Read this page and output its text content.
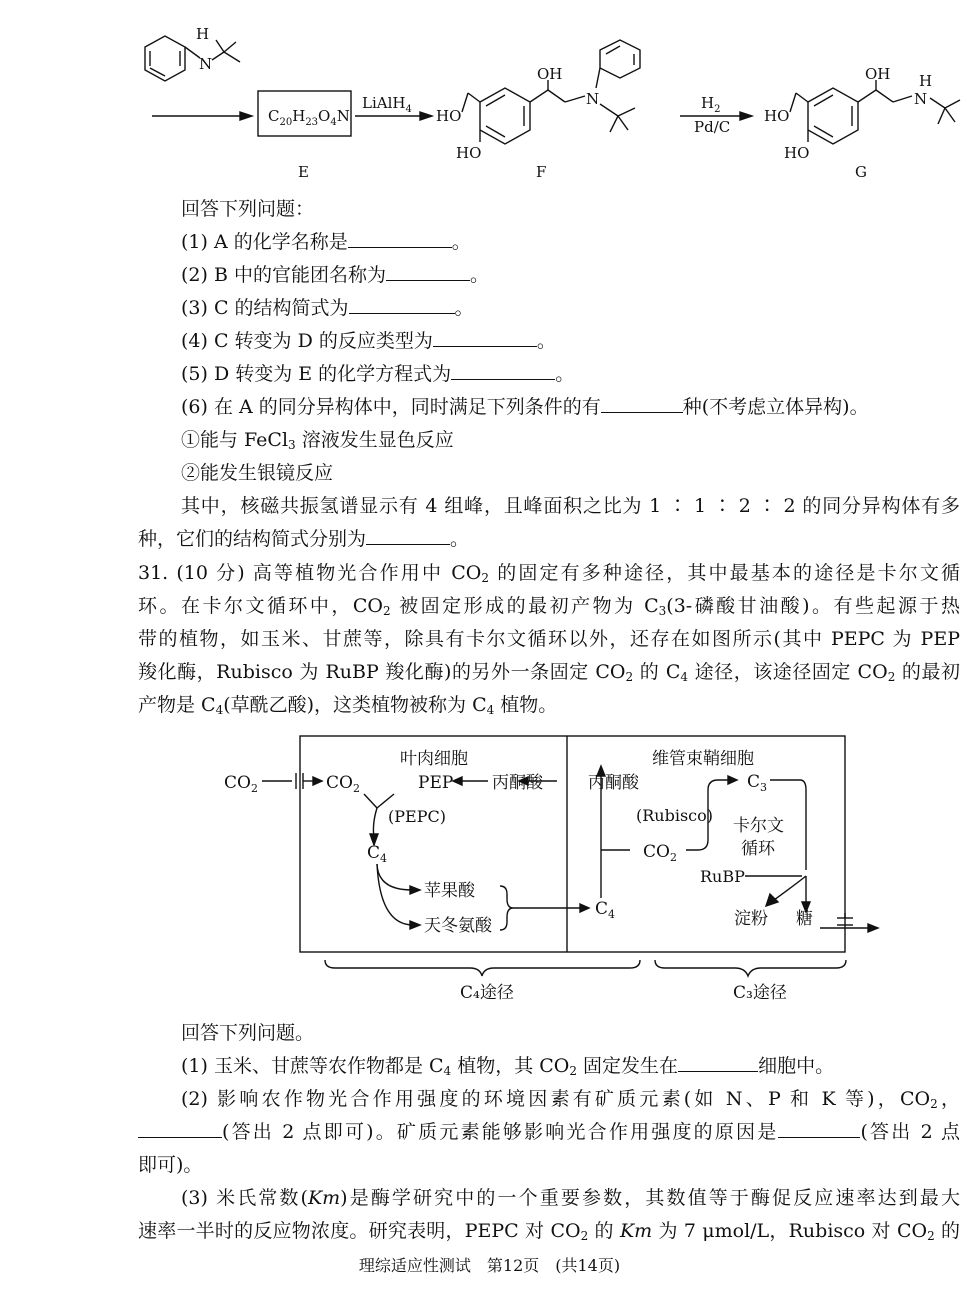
H
N
$C_{20}H_{23}O_4N$
LiAlH$_4$
E
HO
HO
OH
N
F
$H_2$
Pd/C
HO
HO
OH H
N
G
回答下列问题：
(1) A 的化学名称是	。
(2) B 中的官能团名称为	。
(3) C 的结构简式为	。
(4) C 转变为 D 的反应类型为	。
(5) D 转变为 E 的化学方程式为	。
(6) 在 A 的同分异构体中，同时满足下列条件的有	种(不考虑立体异构)。
①能与 FeCl$_3$ 溶液发生显色反应
②能发生银镜反应
其中，核磁共振氢谱显示有 4 组峰，且峰面积之比为 1 ∶ 1 ∶ 2 ∶ 2 的同分异构体有多
种，它们的结构简式分别为	。
31. (10 分) 高等植物光合作用中 $CO_2$ 的固定有多种途径，其中最基本的途径是卡尔文循
环。在卡尔文循环中，$CO_2$ 被固定形成的最初产物为 $C_3(3-$磷酸甘油酸)。有些起源于热
带的植物，如玉米、甘蔗等，除具有卡尔文循环以外，还存在如图所示(其中 PEPC 为 PEP
羧化酶，Rubisco 为 RuBP 羧化酶)的另外一条固定 $CO_2$ 的 $C_4$ 途径，该途径固定 $CO_2$ 的最初
产物是 $C_4$(草酰乙酸)，这类植物被称为 $C_4$ 植物。
叶肉细胞	维管束鞘细胞
$CO_2$	$CO_2$	PEP 丙酮酸	丙酮酸
(PEPC)
$C_4$
苹果酸
天冬氨酸
$C_4$
(Rubisco)
$CO_2$
$C_3$
卡尔文
循环
RuBP
淀粉 糖
C₄途径	C₃途径
回答下列问题。
(1) 玉米、甘蔗等农作物都是 $C_4$ 植物，其 $CO_2$ 固定发生在	细胞中。
(2) 影响农作物光合作用强度的环境因素有矿质元素(如 N、P 和 K 等)，$CO_2$，
(答出 2 点即可)。矿质元素能够影响光合作用强度的原因是	(答出 2 点
即可)。
(3) 米氏常数(Km)是酶学研究中的一个重要参数，其数值等于酶促反应速率达到最大
速率一半时的反应物浓度。研究表明，PEPC 对 $CO_2$ 的 Km 为 7 μmol/L，Rubisco 对 $CO_2$ 的
理综适应性测试　第12页　(共14页)
